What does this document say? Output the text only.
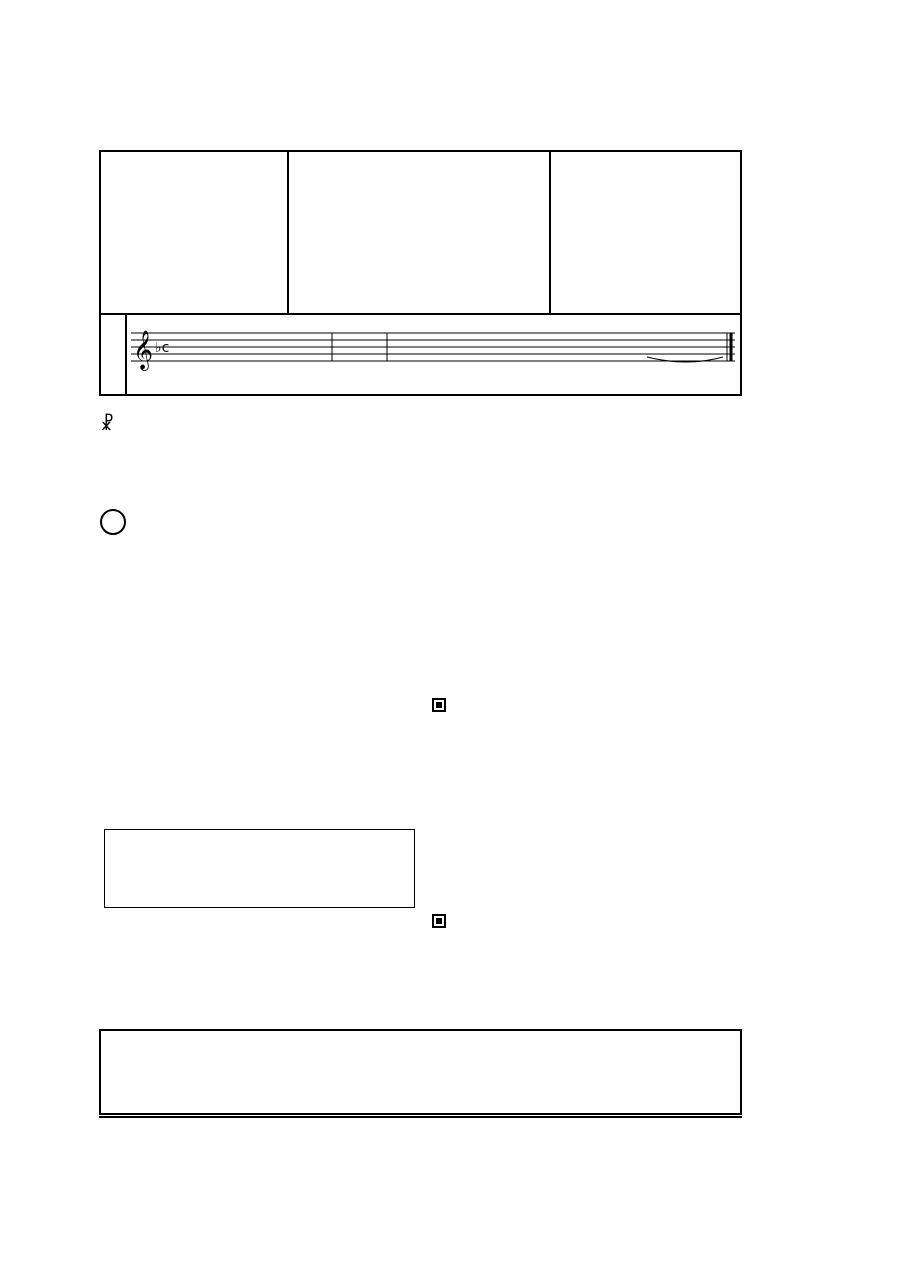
𝄞 ♭c
☧
